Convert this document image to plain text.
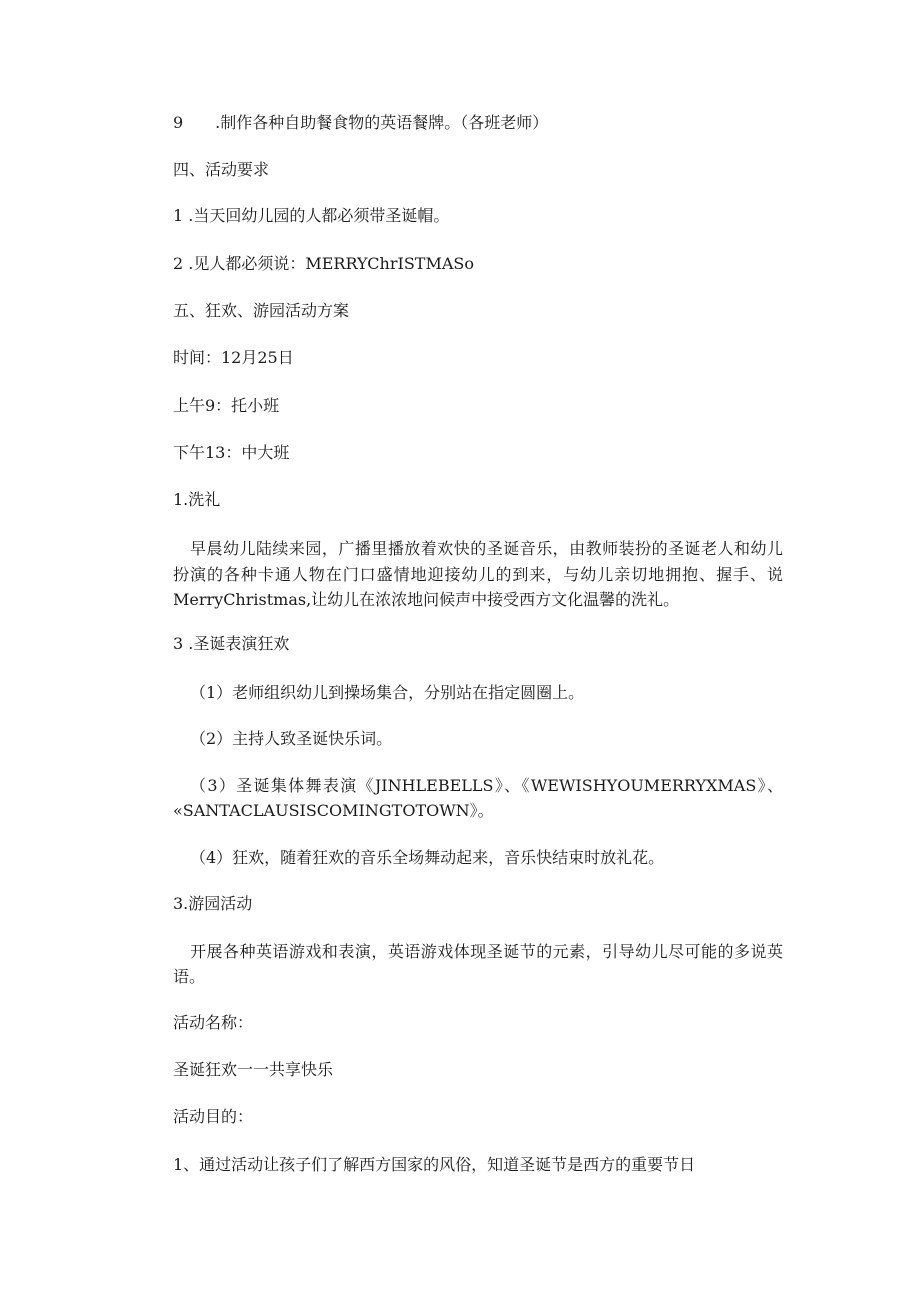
9　　.制作各种自助餐食物的英语餐牌。（各班老师）

四、活动要求

1 .当天回幼儿园的人都必须带圣诞帽。

2 .见人都必须说：MERRYChrISTMASo

五、狂欢、游园活动方案

时间：12月25日

上午9：托小班

下午13：中大班

1.洗礼

早晨幼儿陆续来园，广播里播放着欢快的圣诞音乐，由教师装扮的圣诞老人和幼儿

扮演的各种卡通人物在门口盛情地迎接幼儿的到来，与幼儿亲切地拥抱、握手、说

MerryChristmas,让幼儿在浓浓地问候声中接受西方文化温馨的洗礼。

3 .圣诞表演狂欢

（1）老师组织幼儿到操场集合，分别站在指定圆圈上。

（2）主持人致圣诞快乐词。

（3）圣诞集体舞表演《JINHLEBELLS》、《WEWISHYOUMERRYXMAS》、

«SANTACLAUSISCOMINGTOTOWN》。

（4）狂欢，随着狂欢的音乐全场舞动起来，音乐快结束时放礼花。

3.游园活动

开展各种英语游戏和表演，英语游戏体现圣诞节的元素，引导幼儿尽可能的多说英

语。

活动名称：

圣诞狂欢一一共享快乐

活动目的：

1、通过活动让孩子们了解西方国家的风俗，知道圣诞节是西方的重要节日
